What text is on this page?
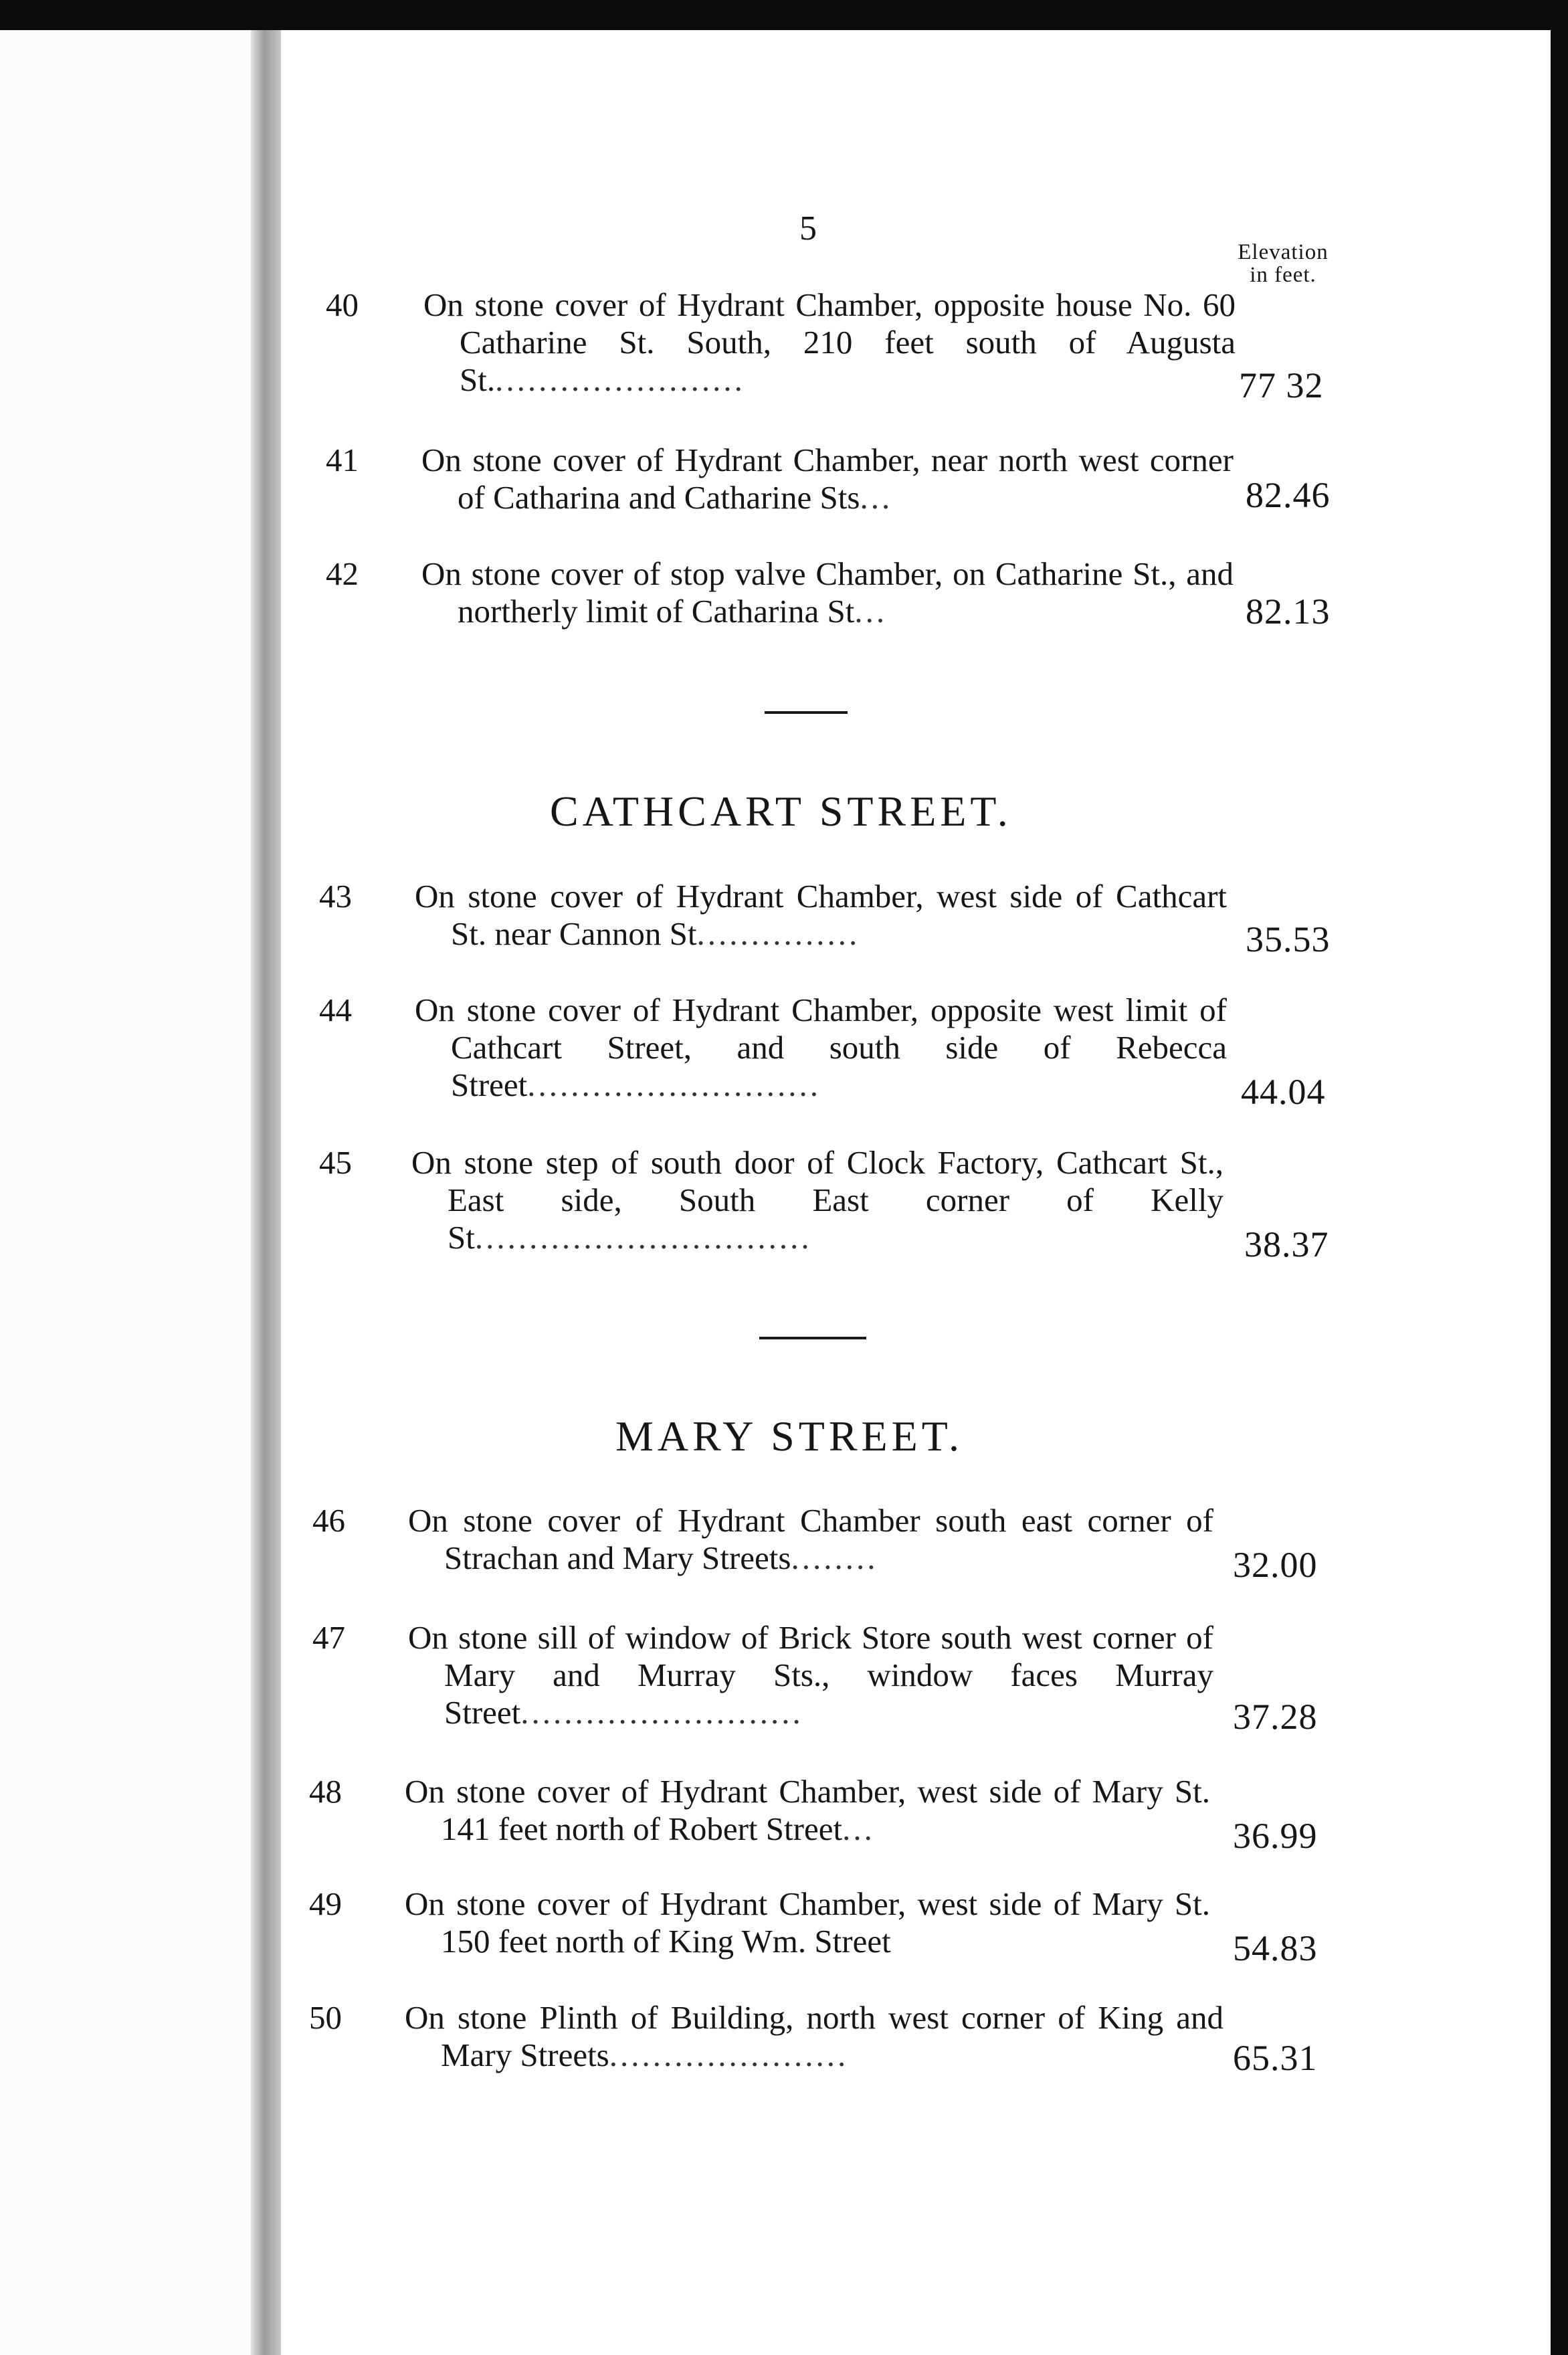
5
Elevation
in feet.
40	On stone cover of Hydrant Chamber, opposite house No. 60 Catharine St. South, 210 feet south of Augusta St........................	77 32
41	On stone cover of Hydrant Chamber, near north west corner of Catharina and Catharine Sts...	82.46
42	On stone cover of stop valve Chamber, on Catharine St., and northerly limit of Catharina St...	82.13
CATHCART STREET.
43	On stone cover of Hydrant Chamber, west side of Cathcart St. near Cannon St...............	35.53
44	On stone cover of Hydrant Chamber, opposite west limit of Cathcart Street, and south side of Rebecca Street...........................	44.04
45	On stone step of south door of Clock Factory, Cathcart St., East side, South East corner of Kelly St...............................	38.37
MARY STREET.
46	On stone cover of Hydrant Chamber south east corner of Strachan and Mary Streets........	32.00
47	On stone sill of window of Brick Store south west corner of Mary and Murray Sts., window faces Murray Street..........................	37.28
48	On stone cover of Hydrant Chamber, west side of Mary St. 141 feet north of Robert Street...	36.99
49	On stone cover of Hydrant Chamber, west side of Mary St. 150 feet north of King Wm. Street	54.83
50	On stone Plinth of Building, north west corner of King and Mary Streets......................	65.31
